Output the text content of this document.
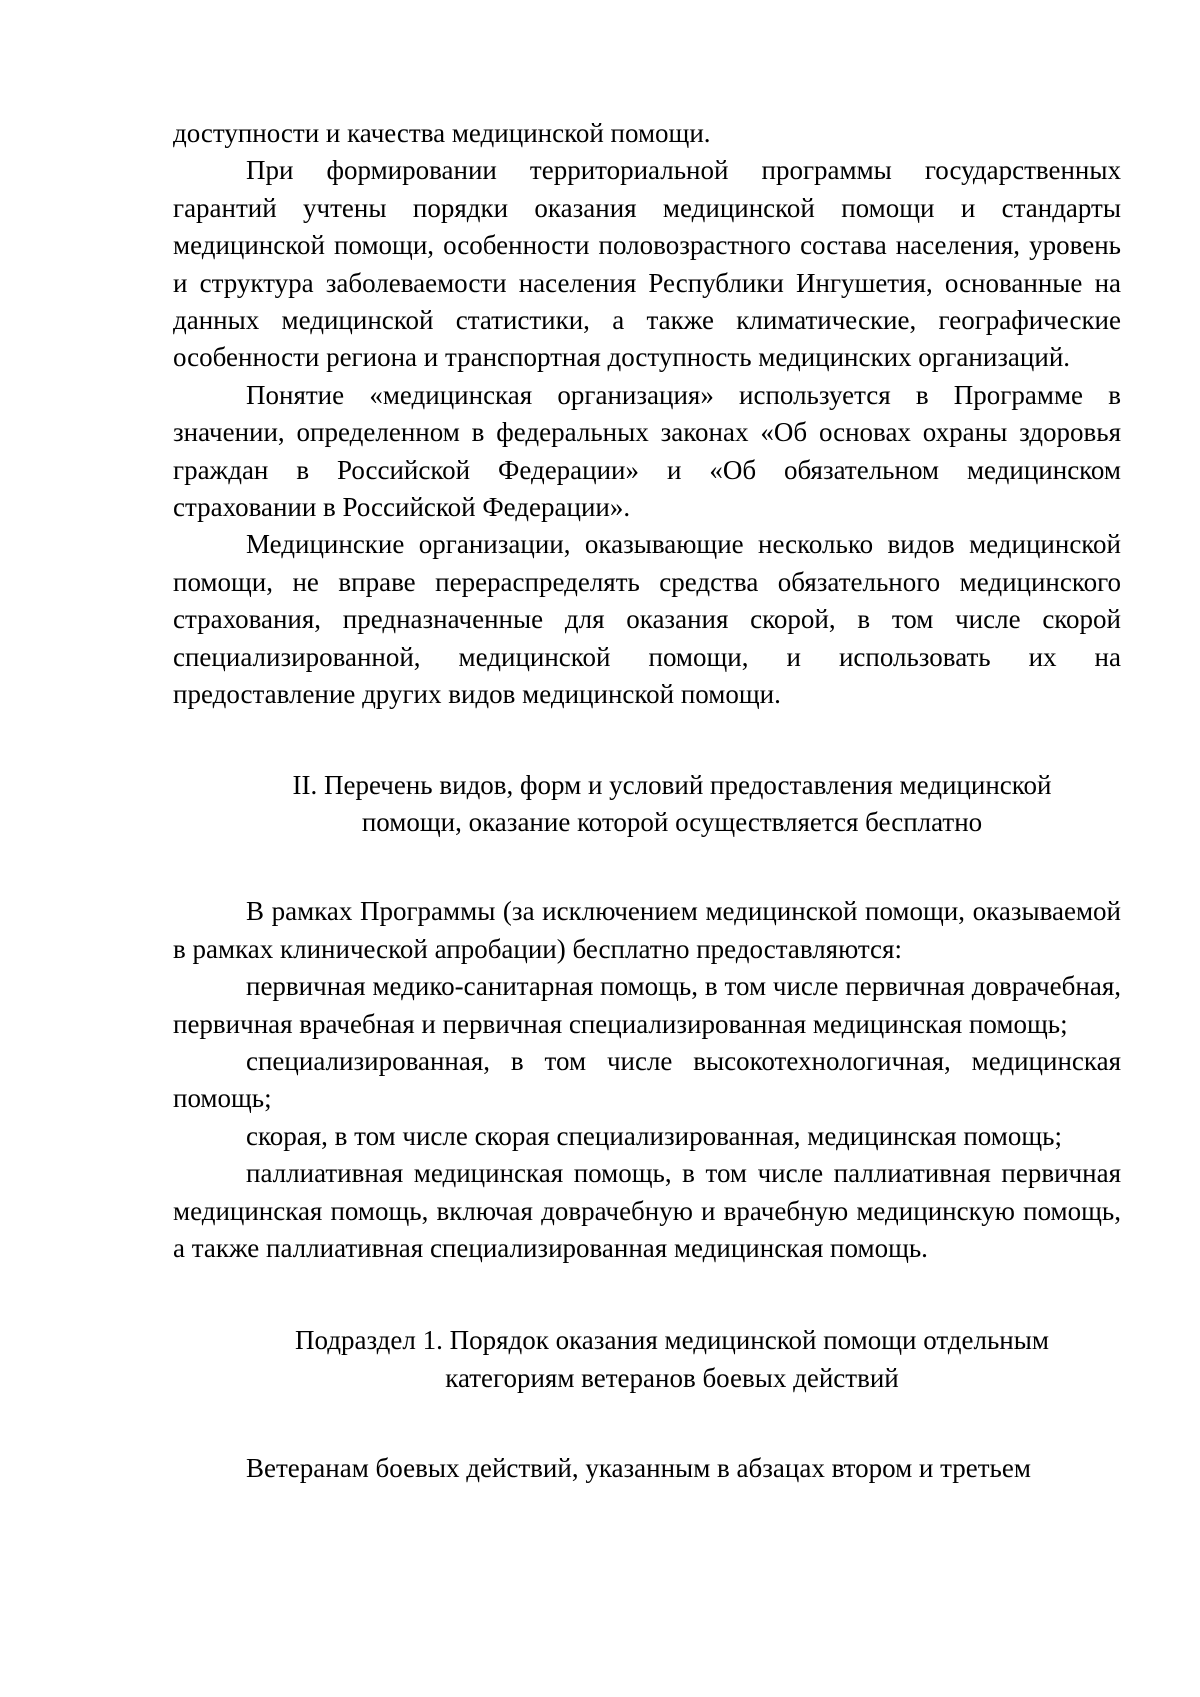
доступности и качества медицинской помощи.

При формировании территориальной программы государственных гарантий учтены порядки оказания медицинской помощи и стандарты медицинской помощи, особенности половозрастного состава населения, уровень и структура заболеваемости населения Республики Ингушетия, основанные на данных медицинской статистики, а также климатические, географические особенности региона и транспортная доступность медицинских организаций.

Понятие «медицинская организация» используется в Программе в значении, определенном в федеральных законах «Об основах охраны здоровья граждан в Российской Федерации» и «Об обязательном медицинском страховании в Российской Федерации».

Медицинские организации, оказывающие несколько видов медицинской помощи, не вправе перераспределять средства обязательного медицинского страхования, предназначенные для оказания скорой, в том числе скорой специализированной, медицинской помощи, и использовать их на предоставление других видов медицинской помощи.

II. Перечень видов, форм и условий предоставления медицинской
помощи, оказание которой осуществляется бесплатно

В рамках Программы (за исключением медицинской помощи, оказываемой в рамках клинической апробации) бесплатно предоставляются:

первичная медико-санитарная помощь, в том числе первичная доврачебная, первичная врачебная и первичная специализированная медицинская помощь;

специализированная, в том числе высокотехнологичная, медицинская помощь;

скорая, в том числе скорая специализированная, медицинская помощь;

паллиативная медицинская помощь, в том числе паллиативная первичная медицинская помощь, включая доврачебную и врачебную медицинскую помощь, а также паллиативная специализированная медицинская помощь.

Подраздел 1. Порядок оказания медицинской помощи отдельным
категориям ветеранов боевых действий

Ветеранам боевых действий, указанным в абзацах втором и третьем
